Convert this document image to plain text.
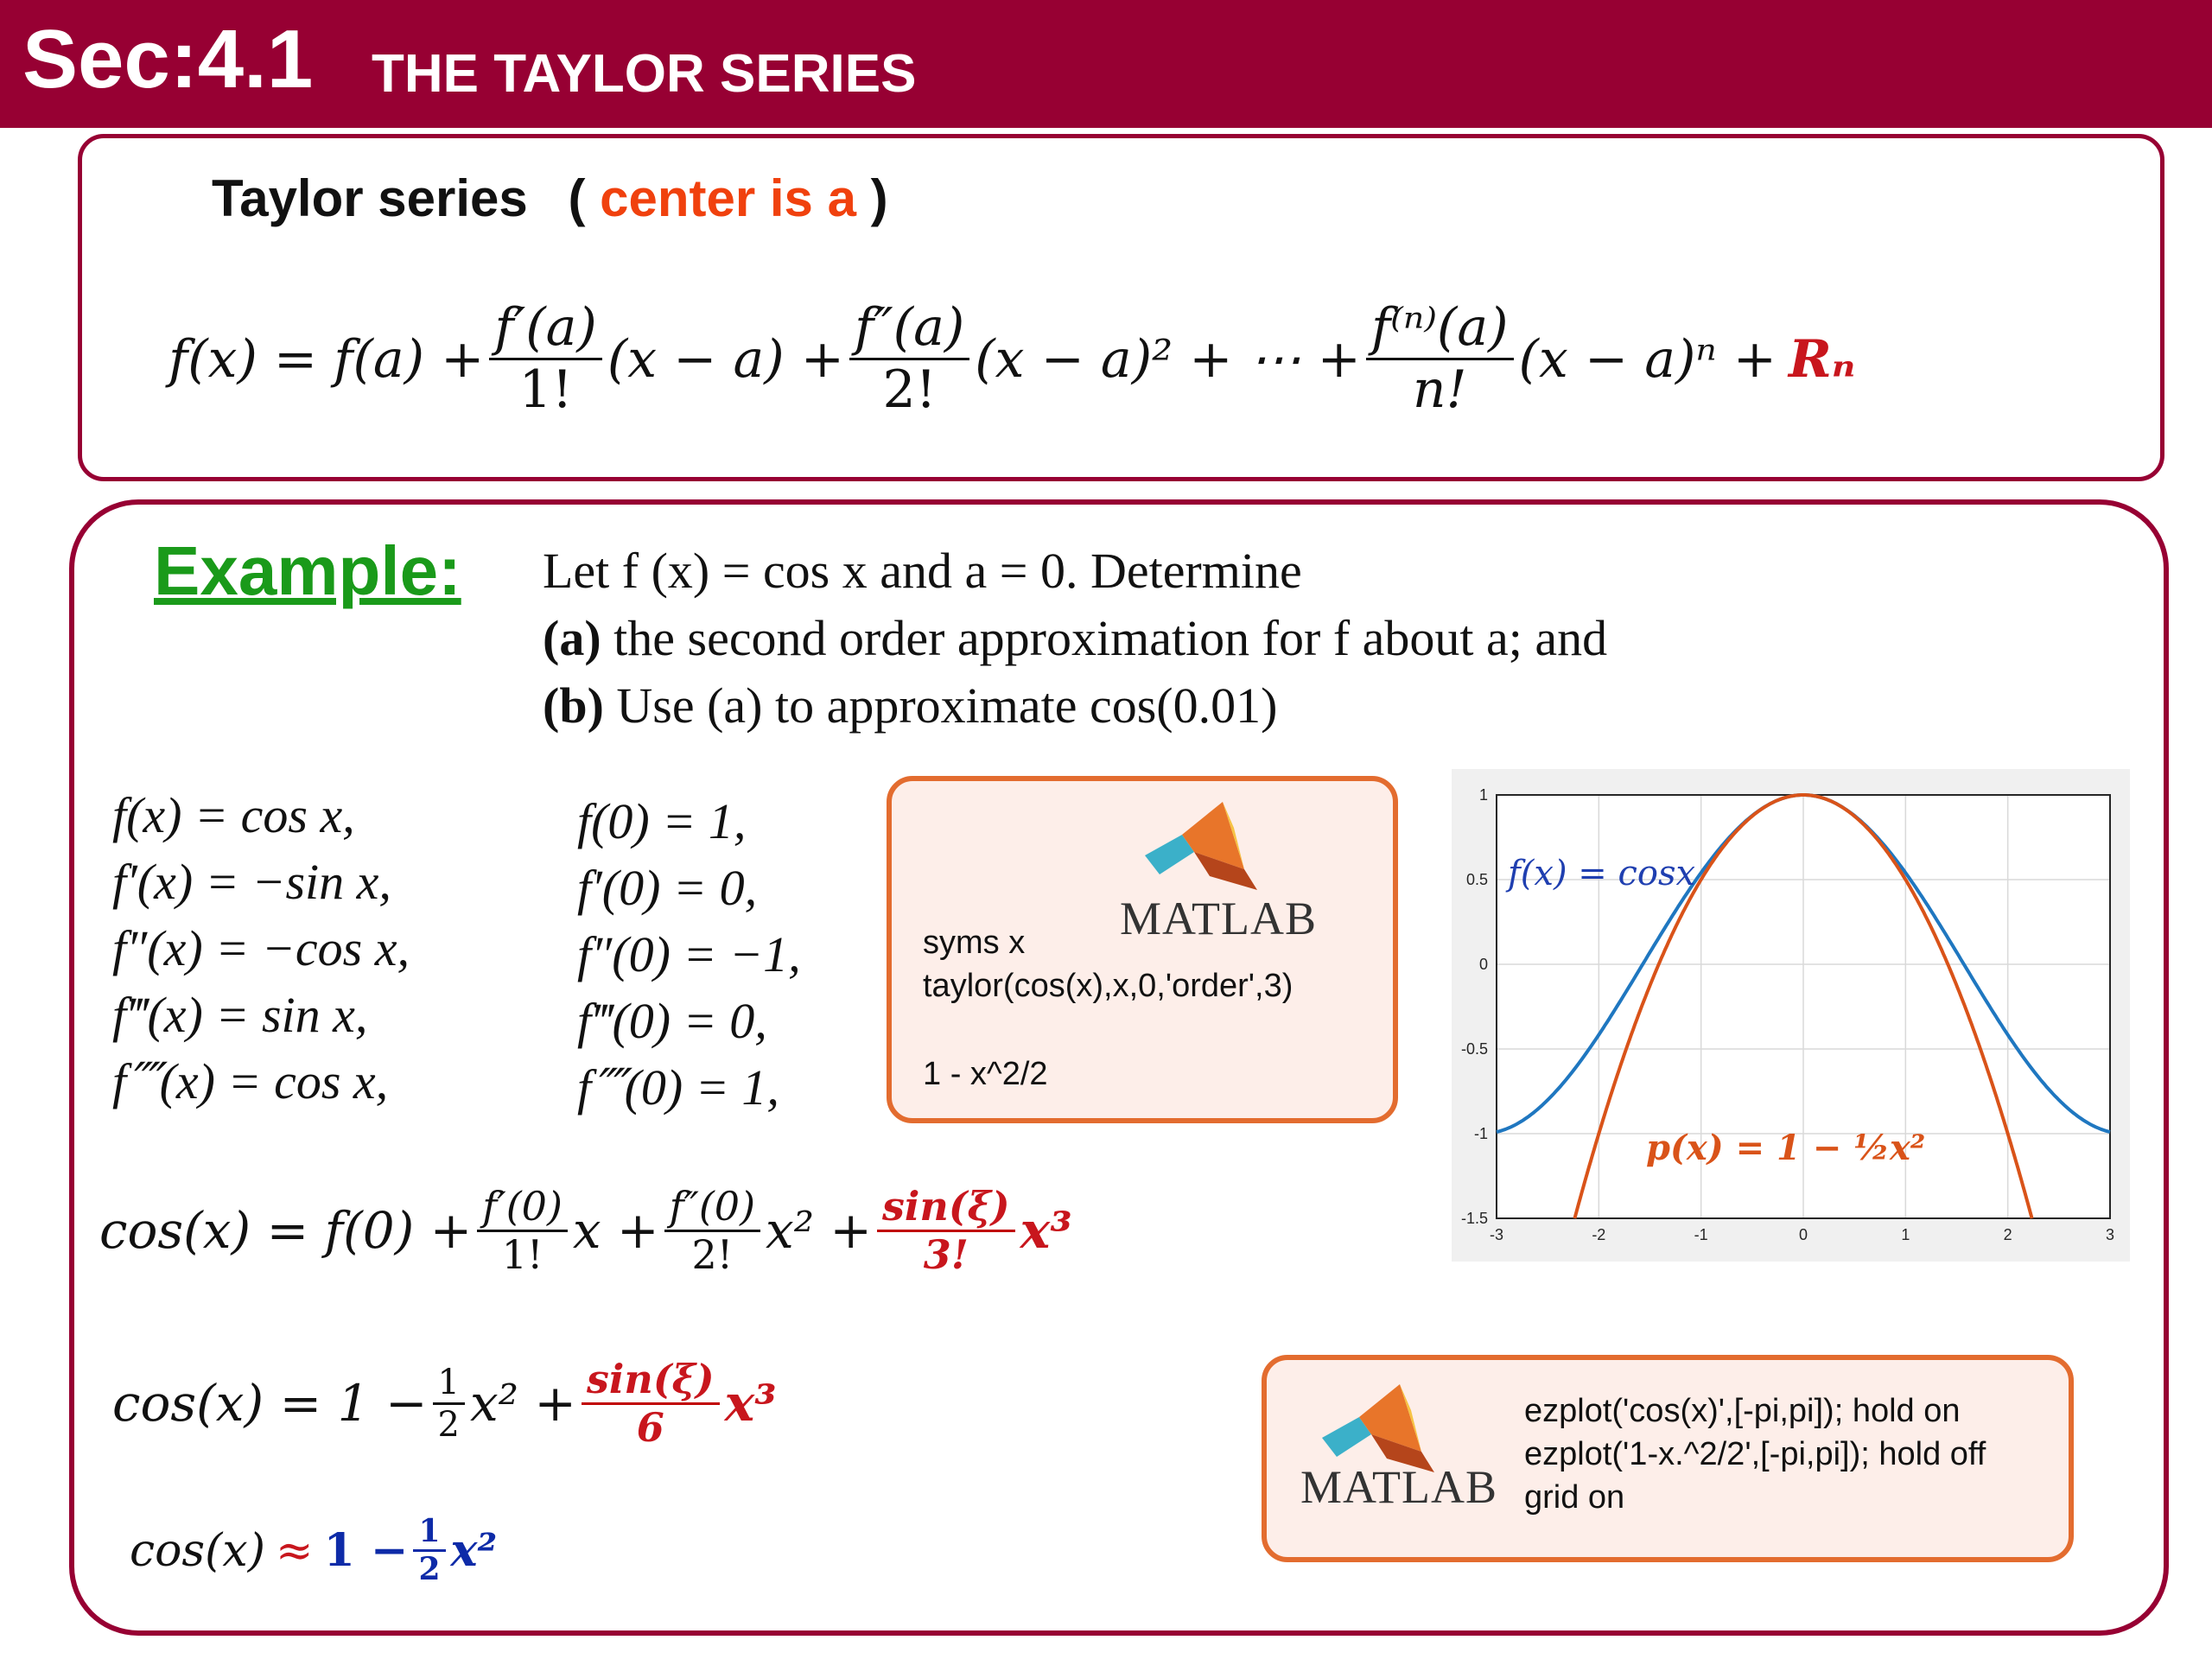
Sec:4.1 THE TAYLOR SERIES
Taylor series ( center is a )
$f(x) = f(a) + \frac{f'(a)}{1!} (x - a) + \frac{f''(a)}{2!} (x - a)^2$ + ⋯ + $\frac{\text{f⁽ⁿ⁾(a)}}{n!} (x - a)^n + R_n$
Example: Let f (x) = cos x and a = 0. Determine
(a) the second order approximation for f about a; and
(b) Use (a) to approximate cos(0.01)
f(x) = cos x,
f′(x) = −sin x,
f″(x) = −cos x,
f‴(x) = sin x,
f⁗(x) = cos x,
f(0) = 1,
f′(0) = 0,
f″(0) = −1,
f‴(0) = 0,
f⁗(0) = 1,
MATLAB
syms x
taylor(cos(x),x,0,'order',3)
1 - x^2/2
-3	-2	-1	0	1	2	3
1
0.5
0
-0.5
-1
-1.5
f(x) = cosx
p(x) = 1 − ½x²
$\cos(x) = f(0) + \frac{f'(0)}{1!}$ $x + \frac{f''(0)}{2!} x^2 + \frac{\sin(\xi)}{3!} x^3$
$\cos(x) = 1 - \frac{1}{2} x^2 + \frac{\sin(\xi)}{6} x^3$
$\cos(x) \approx 1 - \frac{1}{2} x^2$
MATLAB
ezplot('cos(x)',[-pi,pi]); hold on
ezplot('1-x.^2/2',[-pi,pi]); hold off
grid on
